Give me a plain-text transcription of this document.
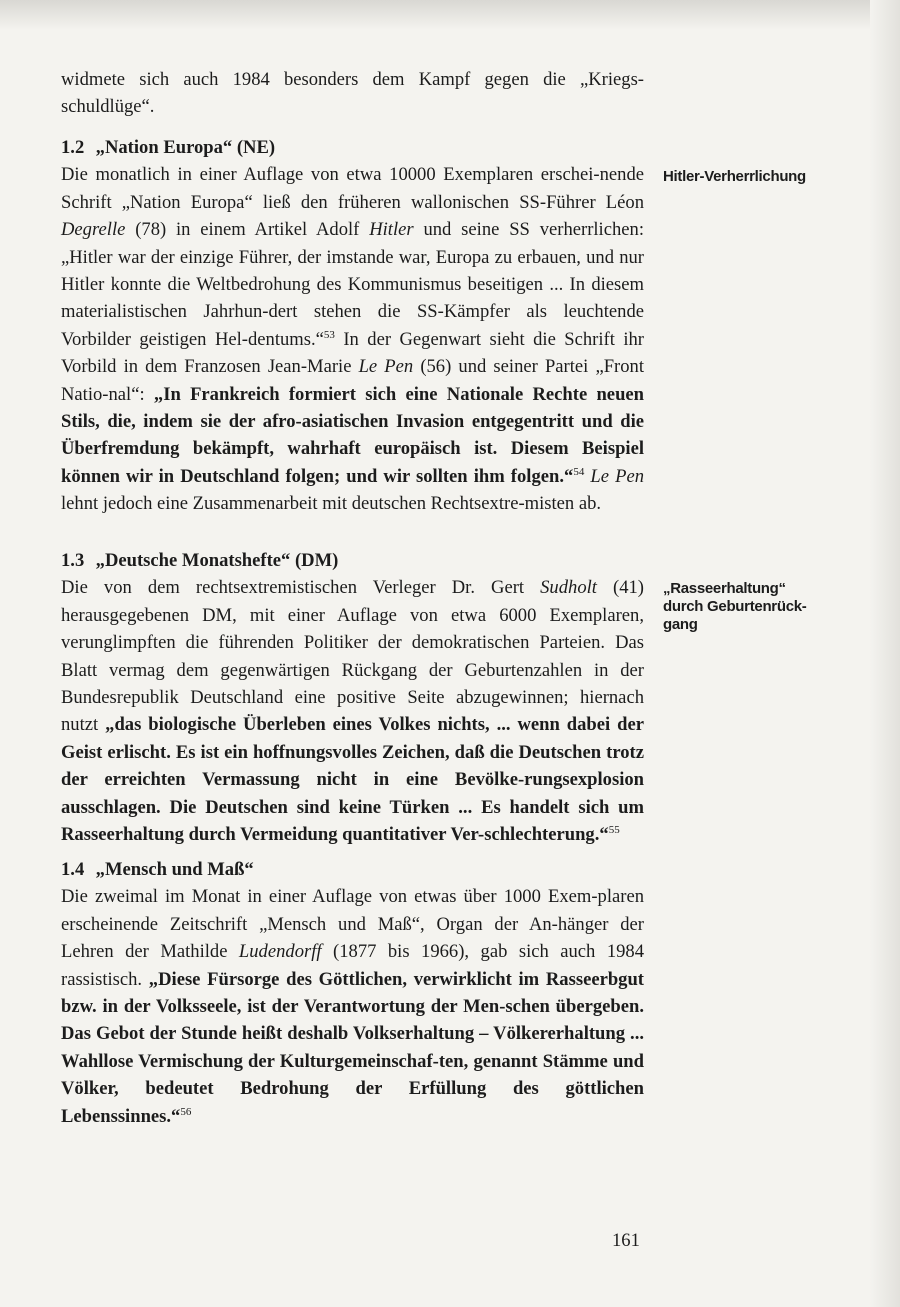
widmete sich auch 1984 besonders dem Kampf gegen die „Kriegs-schuldlüge“.

1.2 „Nation Europa“ (NE)

Die monatlich in einer Auflage von etwa 10000 Exemplaren erschei-nende Schrift „Nation Europa“ ließ den früheren wallonischen SS-Führer Léon Degrelle (78) in einem Artikel Adolf Hitler und seine SS verherrlichen: „Hitler war der einzige Führer, der imstande war, Europa zu erbauen, und nur Hitler konnte die Weltbedrohung des Kommunismus beseitigen ... In diesem materialistischen Jahrhun-dert stehen die SS-Kämpfer als leuchtende Vorbilder geistigen Hel-dentums.“$^{53}$ In der Gegenwart sieht die Schrift ihr Vorbild in dem Franzosen Jean-Marie Le Pen (56) und seiner Partei „Front Natio-nal“: „In Frankreich formiert sich eine Nationale Rechte neuen Stils, die, indem sie der afro-asiatischen Invasion entgegentritt und die Überfremdung bekämpft, wahrhaft europäisch ist. Diesem Beispiel können wir in Deutschland folgen; und wir sollten ihm folgen.“$^{54}$ Le Pen lehnt jedoch eine Zusammenarbeit mit deutschen Rechtsextre-misten ab.

Hitler-Verherrlichung
1.3 „Deutsche Monatshefte“ (DM)

Die von dem rechtsextremistischen Verleger Dr. Gert Sudholt (41) herausgegebenen DM, mit einer Auflage von etwa 6000 Exemplaren, verunglimpften die führenden Politiker der demokratischen Parteien. Das Blatt vermag dem gegenwärtigen Rückgang der Geburtenzahlen in der Bundesrepublik Deutschland eine positive Seite abzugewinnen; hiernach nutzt „das biologische Überleben eines Volkes nichts, ... wenn dabei der Geist erlischt. Es ist ein hoffnungsvolles Zeichen, daß die Deutschen trotz der erreichten Vermassung nicht in eine Bevölke-rungsexplosion ausschlagen. Die Deutschen sind keine Türken ... Es handelt sich um Rasseerhaltung durch Vermeidung quantitativer Ver-schlechterung.“$^{55}$

„Rasseerhaltung“ durch Geburtenrück-gang
1.4 „Mensch und Maß“

Die zweimal im Monat in einer Auflage von etwas über 1000 Exem-plaren erscheinende Zeitschrift „Mensch und Maß“, Organ der An-hänger der Lehren der Mathilde Ludendorff (1877 bis 1966), gab sich auch 1984 rassistisch. „Diese Fürsorge des Göttlichen, verwirklicht im Rasseerbgut bzw. in der Volksseele, ist der Verantwortung der Men-schen übergeben. Das Gebot der Stunde heißt deshalb Volkserhaltung – Völkererhaltung ... Wahllose Vermischung der Kulturgemeinschaf-ten, genannt Stämme und Völker, bedeutet Bedrohung der Erfüllung des göttlichen Lebenssinnes.“$^{56}$

161
